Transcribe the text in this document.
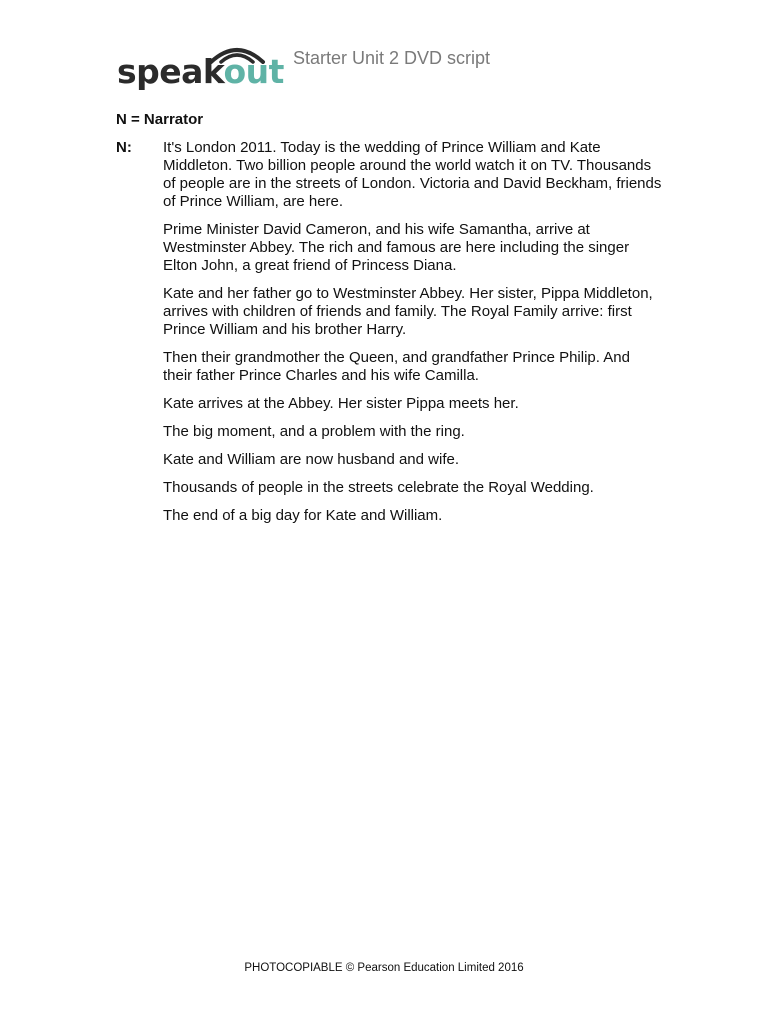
speakout Starter Unit 2 DVD script
N = Narrator
N: It's London 2011. Today is the wedding of Prince William and Kate Middleton. Two billion people around the world watch it on TV. Thousands of people are in the streets of London. Victoria and David Beckham, friends of Prince William, are here.

Prime Minister David Cameron, and his wife Samantha, arrive at Westminster Abbey. The rich and famous are here including the singer Elton John, a great friend of Princess Diana.

Kate and her father go to Westminster Abbey. Her sister, Pippa Middleton, arrives with children of friends and family. The Royal Family arrive: first Prince William and his brother Harry.

Then their grandmother the Queen, and grandfather Prince Philip. And their father Prince Charles and his wife Camilla.

Kate arrives at the Abbey. Her sister Pippa meets her.

The big moment, and a problem with the ring.

Kate and William are now husband and wife.

Thousands of people in the streets celebrate the Royal Wedding.

The end of a big day for Kate and William.

PHOTOCOPIABLE © Pearson Education Limited 2016
